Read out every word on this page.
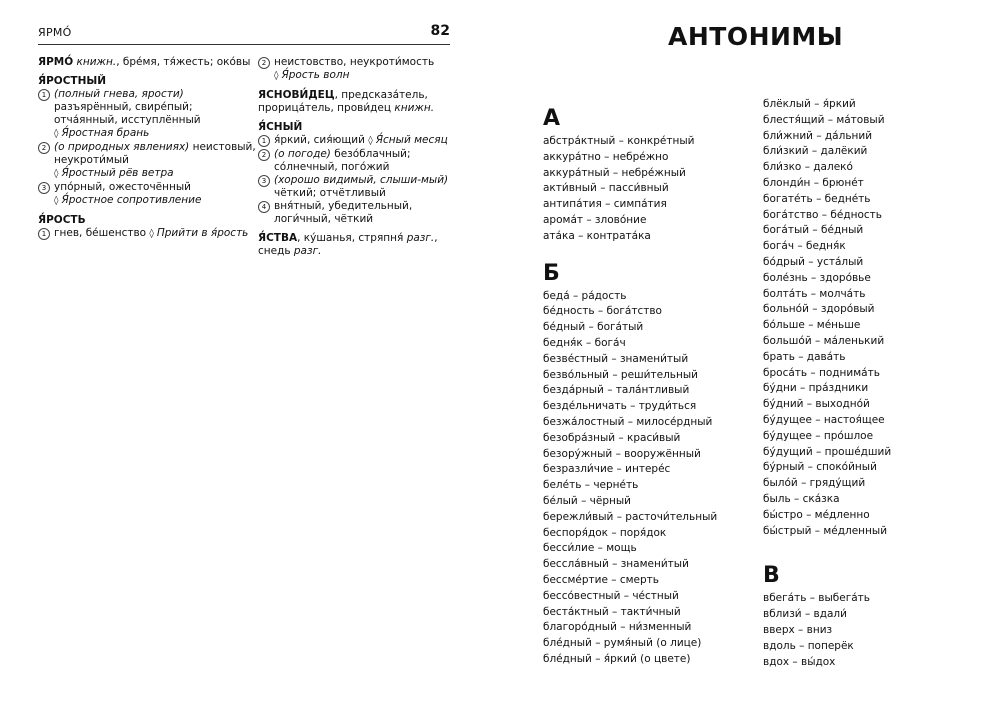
ЯРМО́	82
ЯРМО́ книжн., бре́мя, тя́жесть; око́вы
Я́РОСТНЫЙ
1 (полный гнева, ярости) разъярённый, свире́пый; отча́янный, исступлённый
◊ Я́ростная брань
2 (о природных явлениях) неистовый, неукроти́мый
◊ Я́ростный рёв ветра
3 упо́рный, ожесточённый
◊ Я́ростное сопротивление
Я́РОСТЬ
1 гнев, бе́шенство ◊ Прийти в я́рость
2 неистовство, неукроти́мость
◊ Я́рость волн
ЯСНОВИ́ДЕЦ, предсказа́тель, прорица́тель, прови́дец книжн.
Я́СНЫЙ
1 я́ркий, сия́ющий ◊ Я́сный месяц
2 (о погоде) безо́блачный; со́лнечный, пого́жий
3 (хорошо видимый, слыши-мый) чёткий; отчётливый
4 вня́тный, убедительный, логи́чный, чёткий
Я́СТВА, ку́шанья, стряпня́ разг., снедь разг.
АНТОНИМЫ
А
абстра́ктный – конкре́тный
аккура́тно – небре́жно
аккура́тный – небре́жный
акти́вный – пасси́вный
антипа́тия – симпа́тия
арома́т – злово́ние
ата́ка – контрата́ка
Б
беда́ – ра́дость
бе́дность – бога́тство
бе́дный – бога́тый
бедня́к – бога́ч
безве́стный – знамени́тый
безво́льный – реши́тельный
безда́рный – тала́нтливый
безде́льничать – труди́ться
безжа́лостный – милосе́рдный
безобра́зный – краси́вый
безору́жный – вооружённый
безразли́чие – интере́с
беле́ть – черне́ть
бе́лый – чёрный
бережли́вый – расточи́тельный
беспоря́док – поря́док
бесси́лие – мощь
бессла́вный – знамени́тый
бессме́ртие – смерть
бессо́вестный – че́стный
беста́ктный – такти́чный
благоро́дный – ни́зменный
бле́дный – румя́ный (о лице)
бле́дный – я́ркий (о цвете)
блёклый – я́ркий
блестя́щий – ма́товый
бли́жний – да́льний
бли́зкий – далёкий
бли́зко – далеко́
блонди́н – брюне́т
богате́ть – бедне́ть
бога́тство – бе́дность
бога́тый – бе́дный
бога́ч – бедня́к
бо́дрый – уста́лый
боле́знь – здоро́вье
болта́ть – молча́ть
больно́й – здоро́вый
бо́льше – ме́ньше
большо́й – ма́ленький
брать – дава́ть
броса́ть – поднима́ть
бу́дни – пра́здники
бу́дний – выходно́й
бу́дущее – настоя́щее
бу́дущее – про́шлое
бу́дущий – проше́дший
бу́рный – споко́йный
было́й – гряду́щий
быль – ска́зка
бы́стро – ме́дленно
бы́стрый – ме́дленный
В
вбега́ть – выбега́ть
вблизи́ – вдали́
вверх – вниз
вдоль – поперёк
вдох – вы́дох
